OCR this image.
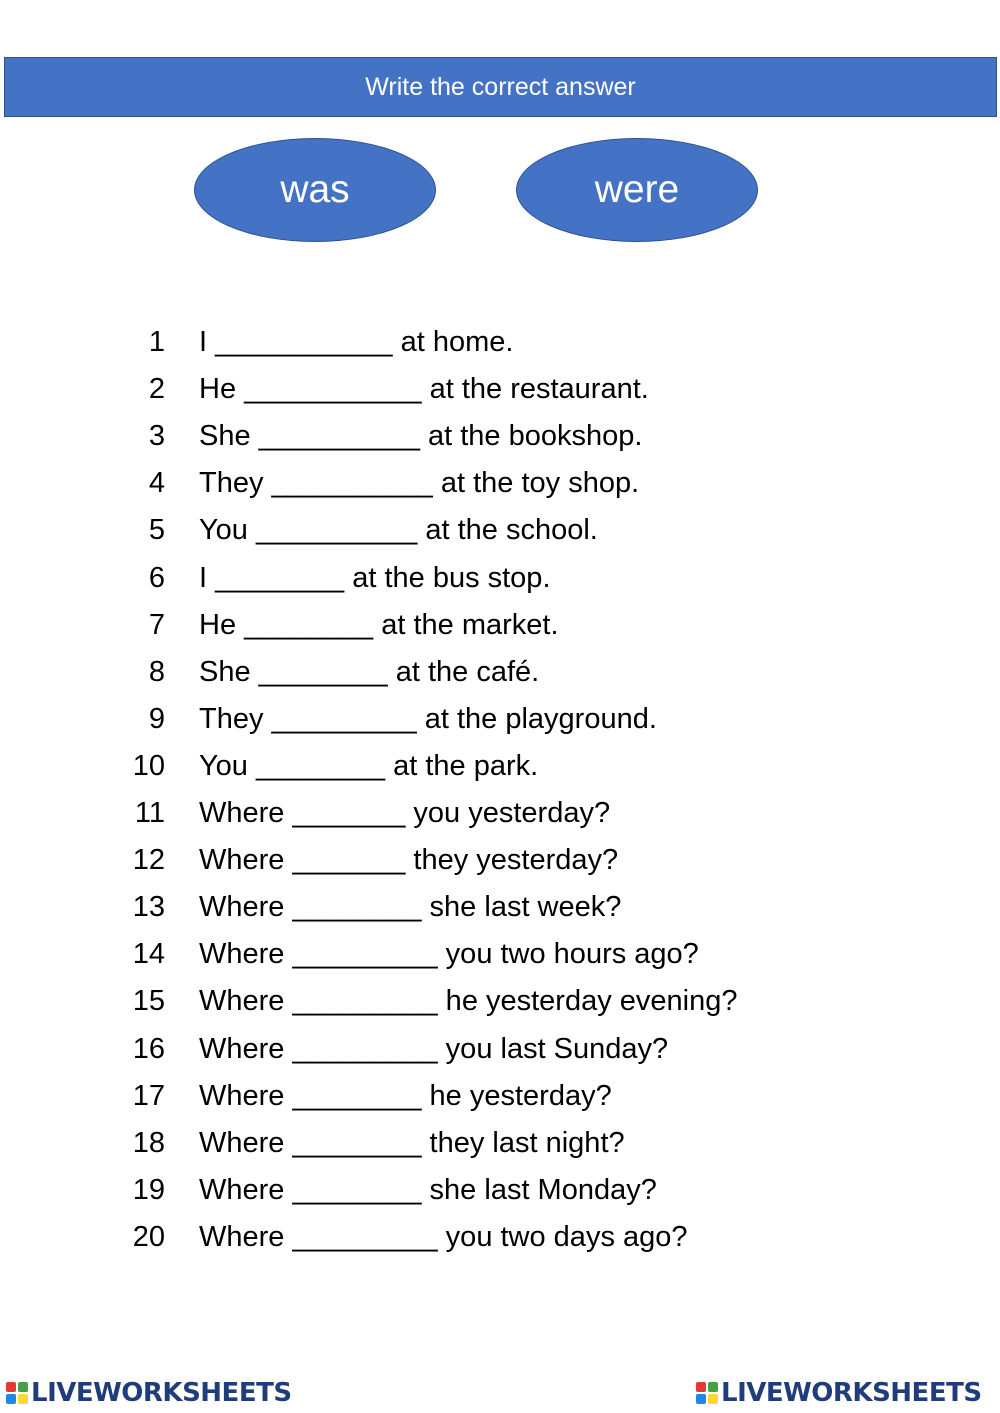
Write the correct answer
was	were
1 I ___________ at home.
2 He ___________ at the restaurant.
3 She __________ at the bookshop.
4 They __________ at the toy shop.
5 You __________ at the school.
6 I ________ at the bus stop.
7 He ________ at the market.
8 She ________ at the café.
9 They _________ at the playground.
10 You ________ at the park.
11 Where _______ you yesterday?
12 Where _______ they yesterday?
13 Where ________ she last week?
14 Where _________ you two hours ago?
15 Where _________ he yesterday evening?
16 Where _________ you last Sunday?
17 Where ________ he yesterday?
18 Where ________ they last night?
19 Where ________ she last Monday?
20 Where _________ you two days ago?
LIVEWORKSHEETS	LIVEWORKSHEETS
